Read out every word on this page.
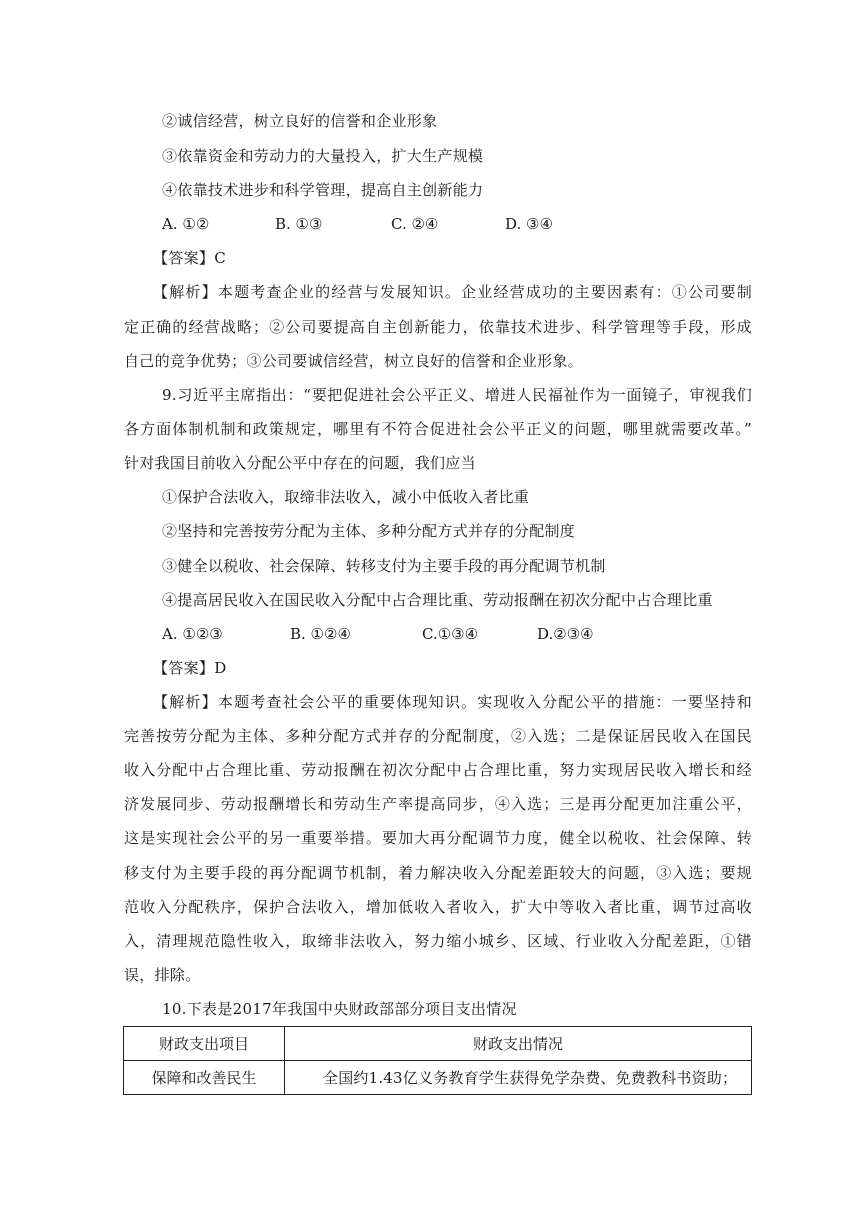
②诚信经营，树立良好的信誉和企业形象

③依靠资金和劳动力的大量投入，扩大生产规模

④依靠技术进步和科学管理，提高自主创新能力

A. ①②	B. ①③	C. ②④	D. ③④

【答案】C

【解析】本题考查企业的经营与发展知识。企业经营成功的主要因素有：①公司要制

定正确的经营战略；②公司要提高自主创新能力，依靠技术进步、科学管理等手段，形成

自己的竞争优势；③公司要诚信经营，树立良好的信誉和企业形象。

9.习近平主席指出：“要把促进社会公平正义、增进人民福祉作为一面镜子，审视我们

各方面体制机制和政策规定，哪里有不符合促进社会公平正义的问题，哪里就需要改革。”

针对我国目前收入分配公平中存在的问题，我们应当

①保护合法收入，取缔非法收入，减小中低收入者比重

②坚持和完善按劳分配为主体、多种分配方式并存的分配制度

③健全以税收、社会保障、转移支付为主要手段的再分配调节机制

④提高居民收入在国民收入分配中占合理比重、劳动报酬在初次分配中占合理比重

A. ①②③	B. ①②④	C.①③④	D.②③④

【答案】D

【解析】本题考查社会公平的重要体现知识。实现收入分配公平的措施：一要坚持和

完善按劳分配为主体、多种分配方式并存的分配制度，②入选；二是保证居民收入在国民

收入分配中占合理比重、劳动报酬在初次分配中占合理比重，努力实现居民收入增长和经

济发展同步、劳动报酬增长和劳动生产率提高同步，④入选；三是再分配更加注重公平，

这是实现社会公平的另一重要举措。要加大再分配调节力度，健全以税收、社会保障、转

移支付为主要手段的再分配调节机制，着力解决收入分配差距较大的问题，③入选；要规

范收入分配秩序，保护合法收入，增加低收入者收入，扩大中等收入者比重，调节过高收

入，清理规范隐性收入，取缔非法收入，努力缩小城乡、区域、行业收入分配差距，①错

误，排除。

10.下表是2017年我国中央财政部部分项目支出情况

财政支出项目	财政支出情况
保障和改善民生	全国约1.43亿义务教育学生获得免学杂费、免费教科书资助；
